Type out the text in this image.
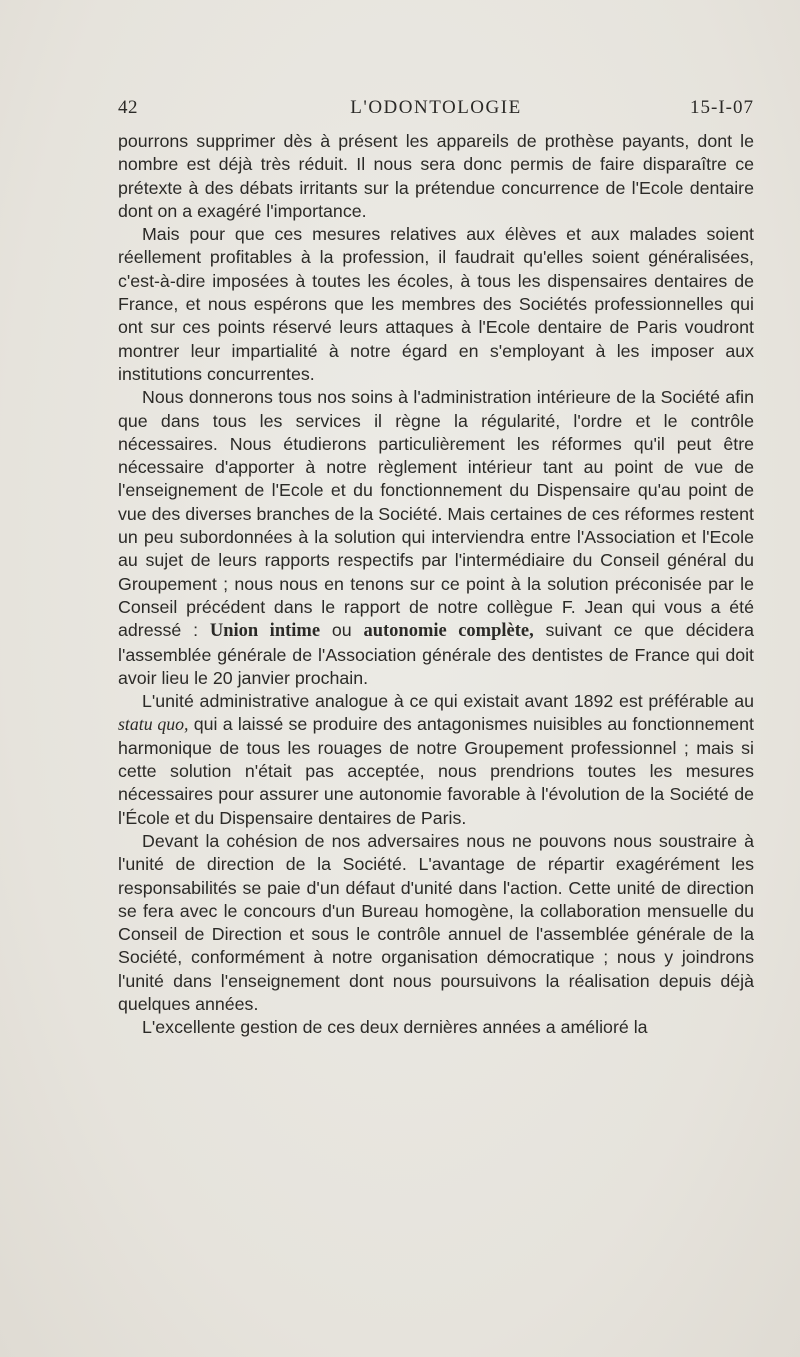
42	L'ODONTOLOGIE	15-I-07

pourrons supprimer dès à présent les appareils de prothèse payants, dont le nombre est déjà très réduit. Il nous sera donc permis de faire disparaître ce prétexte à des débats irritants sur la prétendue concurrence de l'Ecole dentaire dont on a exagéré l'importance.

Mais pour que ces mesures relatives aux élèves et aux malades soient réellement profitables à la profession, il faudrait qu'elles soient généralisées, c'est-à-dire imposées à toutes les écoles, à tous les dispensaires dentaires de France, et nous espérons que les membres des Sociétés professionnelles qui ont sur ces points réservé leurs attaques à l'Ecole dentaire de Paris voudront montrer leur impartialité à notre égard en s'employant à les imposer aux institutions concurrentes.

Nous donnerons tous nos soins à l'administration intérieure de la Société afin que dans tous les services il règne la régularité, l'ordre et le contrôle nécessaires. Nous étudierons particulièrement les réformes qu'il peut être nécessaire d'apporter à notre règlement intérieur tant au point de vue de l'enseignement de l'Ecole et du fonctionnement du Dispensaire qu'au point de vue des diverses branches de la Société. Mais certaines de ces réformes restent un peu subordonnées à la solution qui interviendra entre l'Association et l'Ecole au sujet de leurs rapports respectifs par l'intermédiaire du Conseil général du Groupement ; nous nous en tenons sur ce point à la solution préconisée par le Conseil précédent dans le rapport de notre collègue F. Jean qui vous a été adressé : Union intime ou autonomie complète, suivant ce que décidera l'assemblée générale de l'Association générale des dentistes de France qui doit avoir lieu le 20 janvier prochain.

L'unité administrative analogue à ce qui existait avant 1892 est préférable au statu quo, qui a laissé se produire des antagonismes nuisibles au fonctionnement harmonique de tous les rouages de notre Groupement professionnel ; mais si cette solution n'était pas acceptée, nous prendrions toutes les mesures nécessaires pour assurer une autonomie favorable à l'évolution de la Société de l'École et du Dispensaire dentaires de Paris.

Devant la cohésion de nos adversaires nous ne pouvons nous soustraire à l'unité de direction de la Société. L'avantage de répartir exagérément les responsabilités se paie d'un défaut d'unité dans l'action. Cette unité de direction se fera avec le concours d'un Bureau homogène, la collaboration mensuelle du Conseil de Direction et sous le contrôle annuel de l'assemblée générale de la Société, conformément à notre organisation démocratique ; nous y joindrons l'unité dans l'enseignement dont nous poursuivons la réalisation depuis déjà quelques années.

L'excellente gestion de ces deux dernières années a amélioré la
